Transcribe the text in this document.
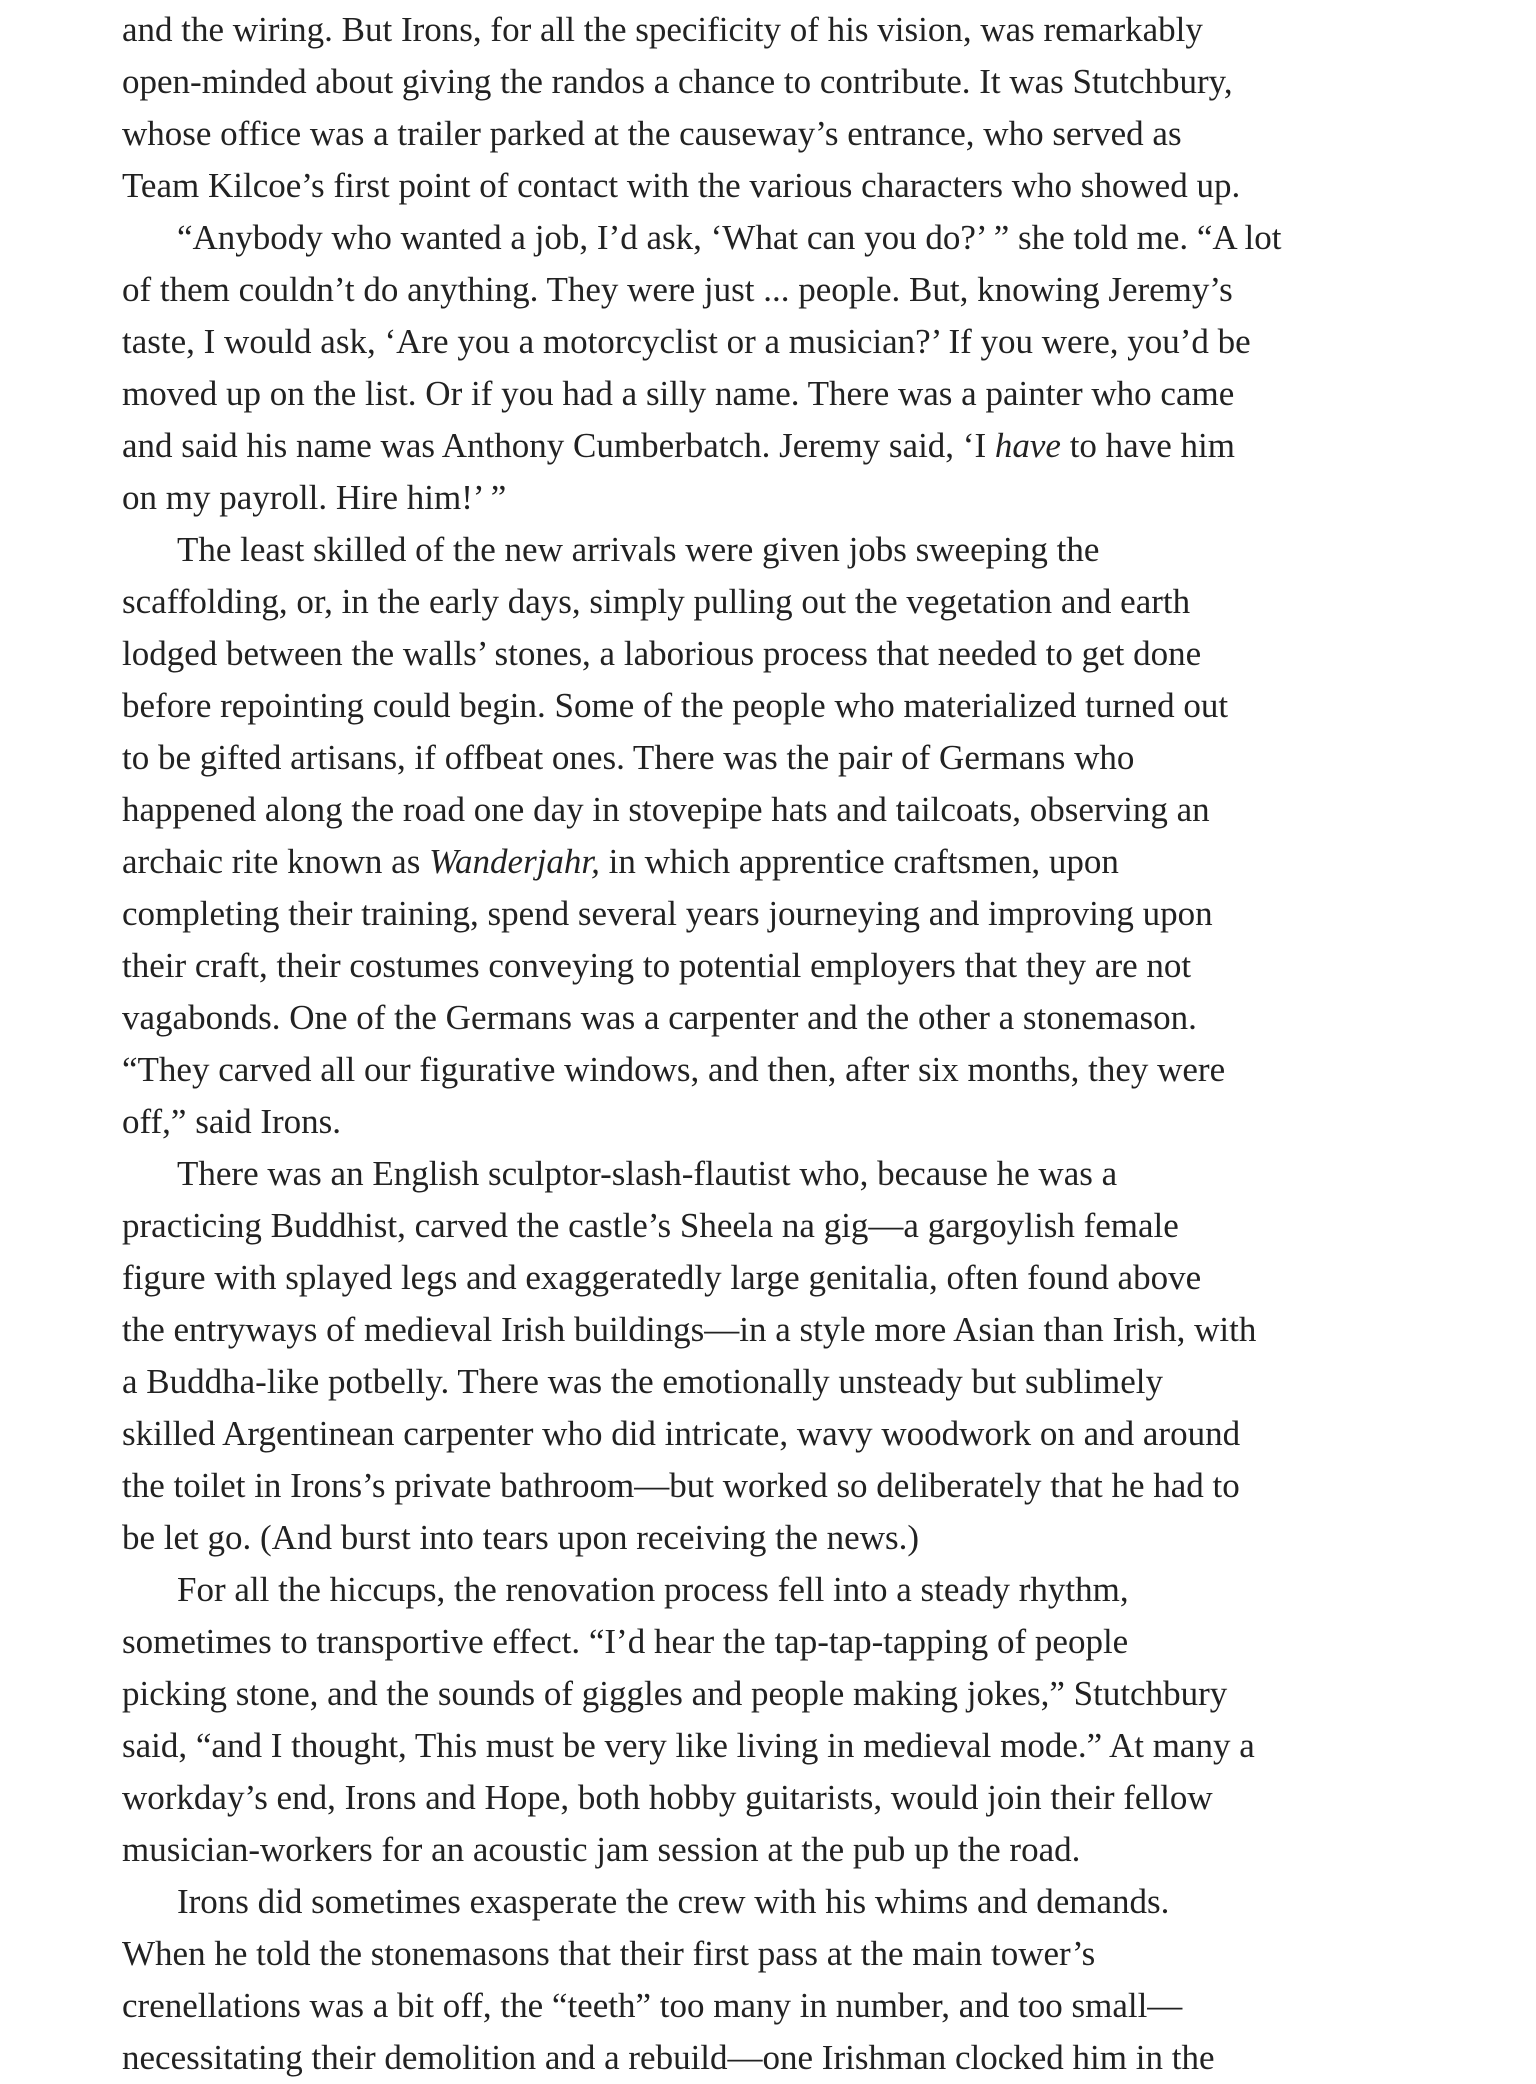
and the wiring. But Irons, for all the specificity of his vision, was remarkably
open-minded about giving the randos a chance to contribute. It was Stutchbury,
whose office was a trailer parked at the causeway’s entrance, who served as
Team Kilcoe’s first point of contact with the various characters who showed up.
“Anybody who wanted a job, I’d ask, ‘What can you do?’ ” she told me. “A lot
of them couldn’t do anything. They were just ... people. But, knowing Jeremy’s
taste, I would ask, ‘Are you a motorcyclist or a musician?’ If you were, you’d be
moved up on the list. Or if you had a silly name. There was a painter who came
and said his name was Anthony Cumberbatch. Jeremy said, ‘I have to have him
on my payroll. Hire him!’ ”
The least skilled of the new arrivals were given jobs sweeping the
scaffolding, or, in the early days, simply pulling out the vegetation and earth
lodged between the walls’ stones, a laborious process that needed to get done
before repointing could begin. Some of the people who materialized turned out
to be gifted artisans, if offbeat ones. There was the pair of Germans who
happened along the road one day in stovepipe hats and tailcoats, observing an
archaic rite known as Wanderjahr, in which apprentice craftsmen, upon
completing their training, spend several years journeying and improving upon
their craft, their costumes conveying to potential employers that they are not
vagabonds. One of the Germans was a carpenter and the other a stonemason.
“They carved all our figurative windows, and then, after six months, they were
off,” said Irons.
There was an English sculptor-slash-flautist who, because he was a
practicing Buddhist, carved the castle’s Sheela na gig—a gargoylish female
figure with splayed legs and exaggeratedly large genitalia, often found above
the entryways of medieval Irish buildings—in a style more Asian than Irish, with
a Buddha-like potbelly. There was the emotionally unsteady but sublimely
skilled Argentinean carpenter who did intricate, wavy woodwork on and around
the toilet in Irons’s private bathroom—but worked so deliberately that he had to
be let go. (And burst into tears upon receiving the news.)
For all the hiccups, the renovation process fell into a steady rhythm,
sometimes to transportive effect. “I’d hear the tap-tap-tapping of people
picking stone, and the sounds of giggles and people making jokes,” Stutchbury
said, “and I thought, This must be very like living in medieval mode.” At many a
workday’s end, Irons and Hope, both hobby guitarists, would join their fellow
musician-workers for an acoustic jam session at the pub up the road.
Irons did sometimes exasperate the crew with his whims and demands.
When he told the stonemasons that their first pass at the main tower’s
crenellations was a bit off, the “teeth” too many in number, and too small—
necessitating their demolition and a rebuild—one Irishman clocked him in the
